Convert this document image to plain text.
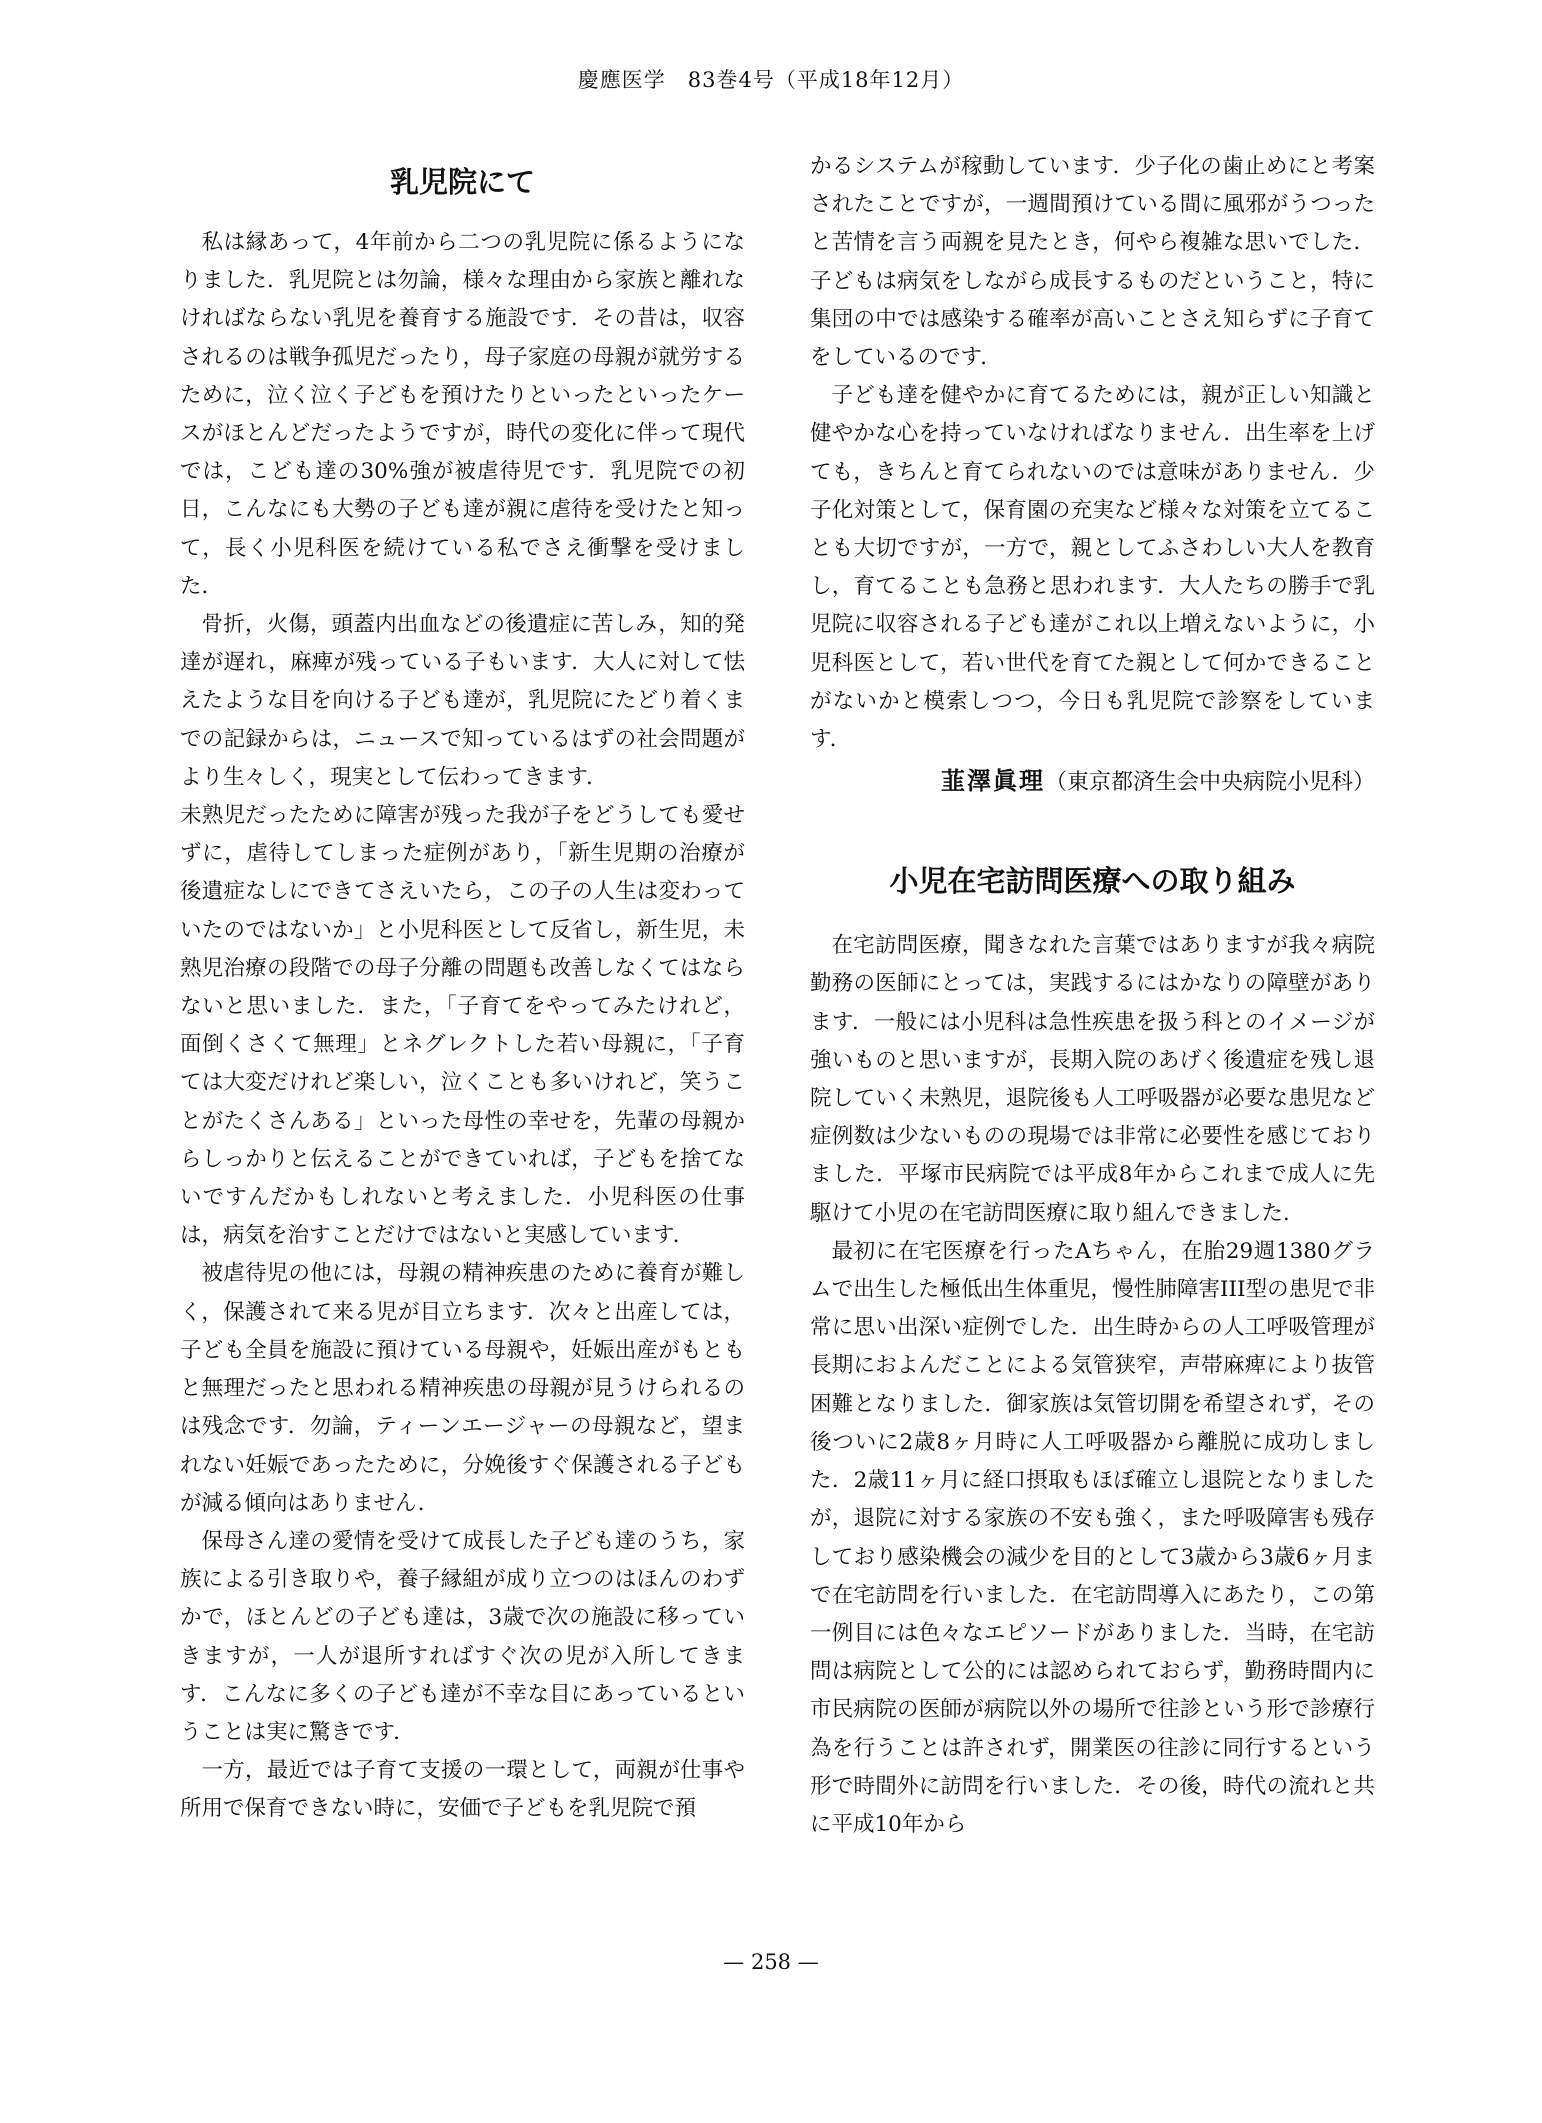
慶應医学　83巻4号（平成18年12月）
乳児院にて

私は縁あって，4年前から二つの乳児院に係るようになりました．乳児院とは勿論，様々な理由から家族と離れなければならない乳児を養育する施設です．その昔は，収容されるのは戦争孤児だったり，母子家庭の母親が就労するために，泣く泣く子どもを預けたりといったといったケースがほとんどだったようですが，時代の変化に伴って現代では，こども達の30%強が被虐待児です．乳児院での初日，こんなにも大勢の子ども達が親に虐待を受けたと知って，長く小児科医を続けている私でさえ衝撃を受けました．

骨折，火傷，頭蓋内出血などの後遺症に苦しみ，知的発達が遅れ，麻痺が残っている子もいます．大人に対して怯えたような目を向ける子ども達が，乳児院にたどり着くまでの記録からは，ニュースで知っているはずの社会問題がより生々しく，現実として伝わってきます．

未熟児だったために障害が残った我が子をどうしても愛せずに，虐待してしまった症例があり，「新生児期の治療が後遺症なしにできてさえいたら，この子の人生は変わっていたのではないか」と小児科医として反省し，新生児，未熟児治療の段階での母子分離の問題も改善しなくてはならないと思いました．また，「子育てをやってみたけれど，面倒くさくて無理」とネグレクトした若い母親に，「子育ては大変だけれど楽しい，泣くことも多いけれど，笑うことがたくさんある」といった母性の幸せを，先輩の母親からしっかりと伝えることができていれば，子どもを捨てないですんだかもしれないと考えました．小児科医の仕事は，病気を治すことだけではないと実感しています．

被虐待児の他には，母親の精神疾患のために養育が難しく，保護されて来る児が目立ちます．次々と出産しては，子ども全員を施設に預けている母親や，妊娠出産がもともと無理だったと思われる精神疾患の母親が見うけられるのは残念です．勿論，ティーンエージャーの母親など，望まれない妊娠であったために，分娩後すぐ保護される子どもが減る傾向はありません．

保母さん達の愛情を受けて成長した子ども達のうち，家族による引き取りや，養子縁組が成り立つのはほんのわずかで，ほとんどの子ども達は，3歳で次の施設に移っていきますが，一人が退所すればすぐ次の児が入所してきます．こんなに多くの子ども達が不幸な目にあっているということは実に驚きです．

一方，最近では子育て支援の一環として，両親が仕事や所用で保育できない時に，安価で子どもを乳児院で預

かるシステムが稼動しています．少子化の歯止めにと考案されたことですが，一週間預けている間に風邪がうつったと苦情を言う両親を見たとき，何やら複雑な思いでした．子どもは病気をしながら成長するものだということ，特に集団の中では感染する確率が高いことさえ知らずに子育てをしているのです．

子ども達を健やかに育てるためには，親が正しい知識と健やかな心を持っていなければなりません．出生率を上げても，きちんと育てられないのでは意味がありません．少子化対策として，保育園の充実など様々な対策を立てることも大切ですが，一方で，親としてふさわしい大人を教育し，育てることも急務と思われます．大人たちの勝手で乳児院に収容される子ども達がこれ以上増えないように，小児科医として，若い世代を育てた親として何かできることがないかと模索しつつ，今日も乳児院で診察をしています．

韮澤眞理（東京都済生会中央病院小児科）

小児在宅訪問医療への取り組み

在宅訪問医療，聞きなれた言葉ではありますが我々病院勤務の医師にとっては，実践するにはかなりの障壁があります．一般には小児科は急性疾患を扱う科とのイメージが強いものと思いますが，長期入院のあげく後遺症を残し退院していく未熟児，退院後も人工呼吸器が必要な患児など症例数は少ないものの現場では非常に必要性を感じておりました．平塚市民病院では平成8年からこれまで成人に先駆けて小児の在宅訪問医療に取り組んできました．

最初に在宅医療を行ったAちゃん，在胎29週1380グラムで出生した極低出生体重児，慢性肺障害III型の患児で非常に思い出深い症例でした．出生時からの人工呼吸管理が長期におよんだことによる気管狭窄，声帯麻痺により抜管困難となりました．御家族は気管切開を希望されず，その後ついに2歳8ヶ月時に人工呼吸器から離脱に成功しました．2歳11ヶ月に経口摂取もほぼ確立し退院となりましたが，退院に対する家族の不安も強く，また呼吸障害も残存しており感染機会の減少を目的として3歳から3歳6ヶ月まで在宅訪問を行いました．在宅訪問導入にあたり，この第一例目には色々なエピソードがありました．当時，在宅訪問は病院として公的には認められておらず，勤務時間内に市民病院の医師が病院以外の場所で往診という形で診療行為を行うことは許されず，開業医の往診に同行するという形で時間外に訪問を行いました．その後，時代の流れと共に平成10年から

— 258 —
